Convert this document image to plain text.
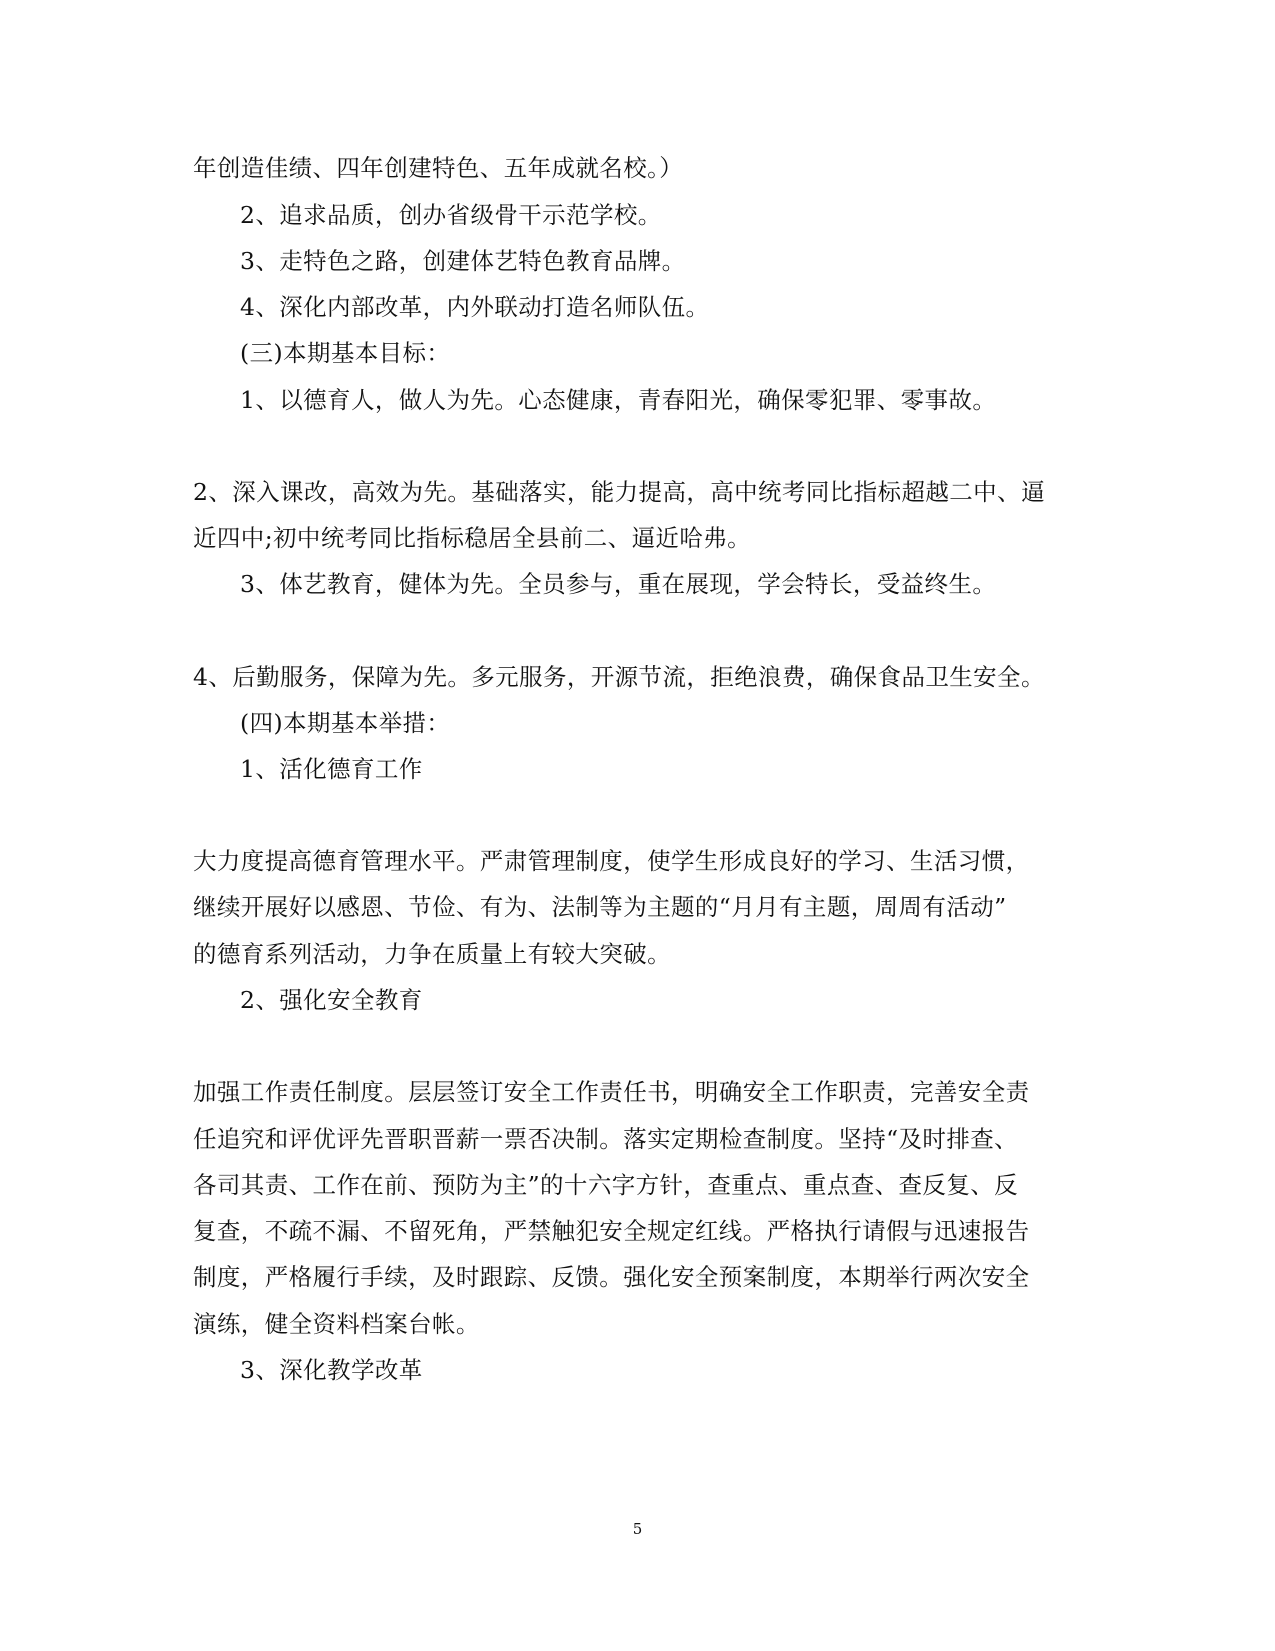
年创造佳绩、四年创建特色、五年成就名校。）
2、追求品质，创办省级骨干示范学校。
3、走特色之路，创建体艺特色教育品牌。
4、深化内部改革，内外联动打造名师队伍。
(三)本期基本目标：
1、以德育人，做人为先。心态健康，青春阳光，确保零犯罪、零事故。
2、深入课改，高效为先。基础落实，能力提高，高中统考同比指标超越二中、逼
近四中;初中统考同比指标稳居全县前二、逼近哈弗。
3、体艺教育，健体为先。全员参与，重在展现，学会特长，受益终生。
4、后勤服务，保障为先。多元服务，开源节流，拒绝浪费，确保食品卫生安全。
(四)本期基本举措：
1、活化德育工作
大力度提高德育管理水平。严肃管理制度，使学生形成良好的学习、生活习惯，
继续开展好以感恩、节俭、有为、法制等为主题的“月月有主题，周周有活动”
的德育系列活动，力争在质量上有较大突破。
2、强化安全教育
加强工作责任制度。层层签订安全工作责任书，明确安全工作职责，完善安全责
任追究和评优评先晋职晋薪一票否决制。落实定期检查制度。坚持“及时排查、
各司其责、工作在前、预防为主”的十六字方针，查重点、重点查、查反复、反
复查，不疏不漏、不留死角，严禁触犯安全规定红线。严格执行请假与迅速报告
制度，严格履行手续，及时跟踪、反馈。强化安全预案制度，本期举行两次安全
演练，健全资料档案台帐。
3、深化教学改革
5
